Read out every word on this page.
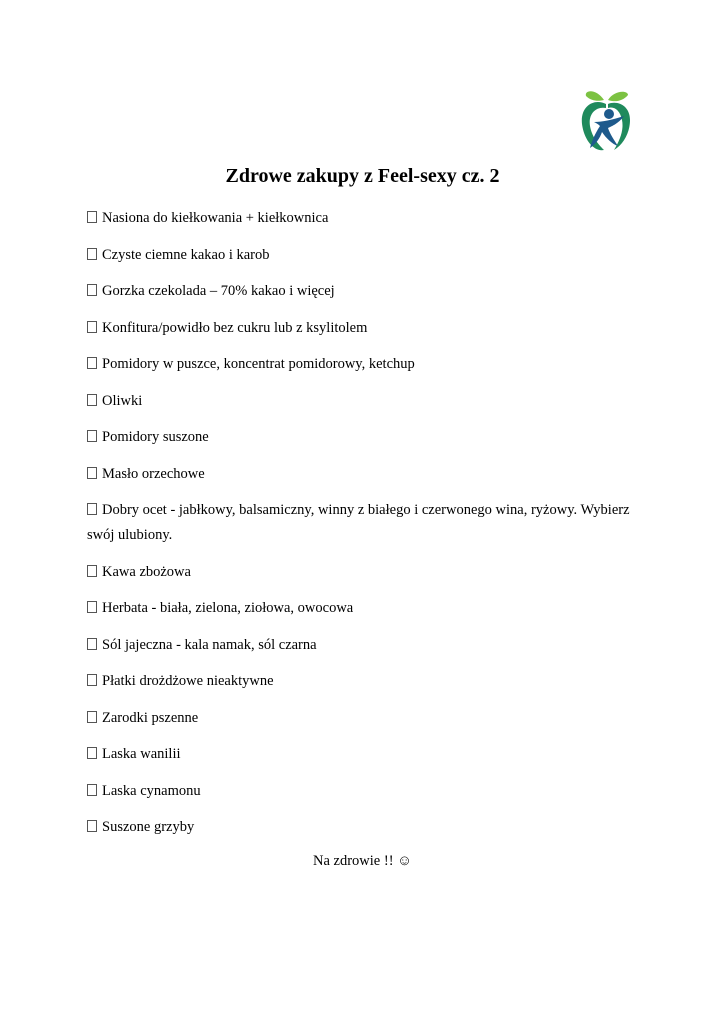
Zdrowe zakupy z Feel-sexy cz. 2
Nasiona do kiełkowania + kiełkownica
Czyste ciemne kakao i karob
Gorzka czekolada – 70% kakao i więcej
Konfitura/powidło bez cukru lub z ksylitolem
Pomidory w puszce, koncentrat pomidorowy, ketchup
Oliwki
Pomidory suszone
Masło orzechowe
Dobry ocet - jabłkowy, balsamiczny, winny z białego i czerwonego wina, ryżowy. Wybierz swój ulubiony.
Kawa zbożowa
Herbata - biała, zielona, ziołowa, owocowa
Sól jajeczna - kala namak, sól czarna
Płatki drożdżowe nieaktywne
Zarodki pszenne
Laska wanilii
Laska cynamonu
Suszone grzyby

Na zdrowie !! ☺
